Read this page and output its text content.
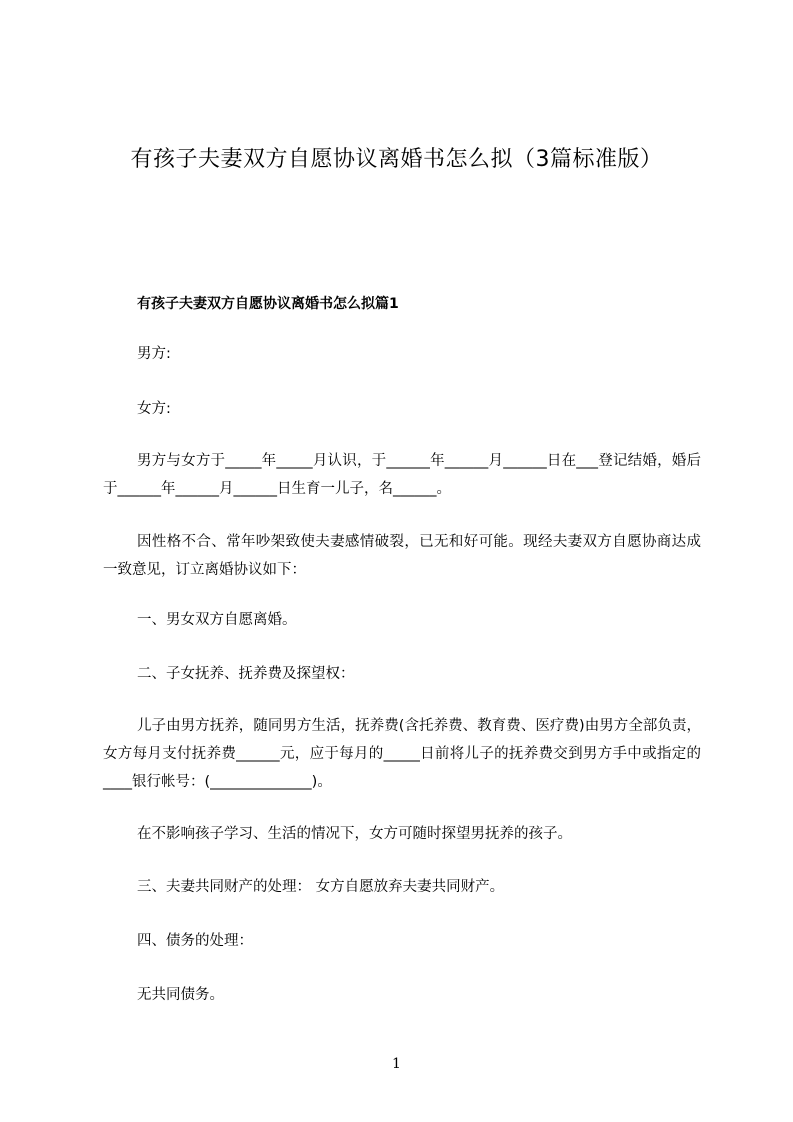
有孩子夫妻双方自愿协议离婚书怎么拟（3篇标准版）
有孩子夫妻双方自愿协议离婚书怎么拟篇1
男方:
女方:
男方与女方于_____年_____月认识，于______年______月______日在___登记结婚，婚后于______年______月______日生育一儿子，名______。
因性格不合、常年吵架致使夫妻感情破裂，已无和好可能。现经夫妻双方自愿协商达成一致意见，订立离婚协议如下：
一、男女双方自愿离婚。
二、子女抚养、抚养费及探望权：
儿子由男方抚养，随同男方生活，抚养费(含托养费、教育费、医疗费)由男方全部负责，女方每月支付抚养费______元，应于每月的_____日前将儿子的抚养费交到男方手中或指定的____银行帐号：(______________)。
在不影响孩子学习、生活的情况下，女方可随时探望男抚养的孩子。
三、夫妻共同财产的处理： 女方自愿放弃夫妻共同财产。
四、债务的处理：
无共同债务。
1
